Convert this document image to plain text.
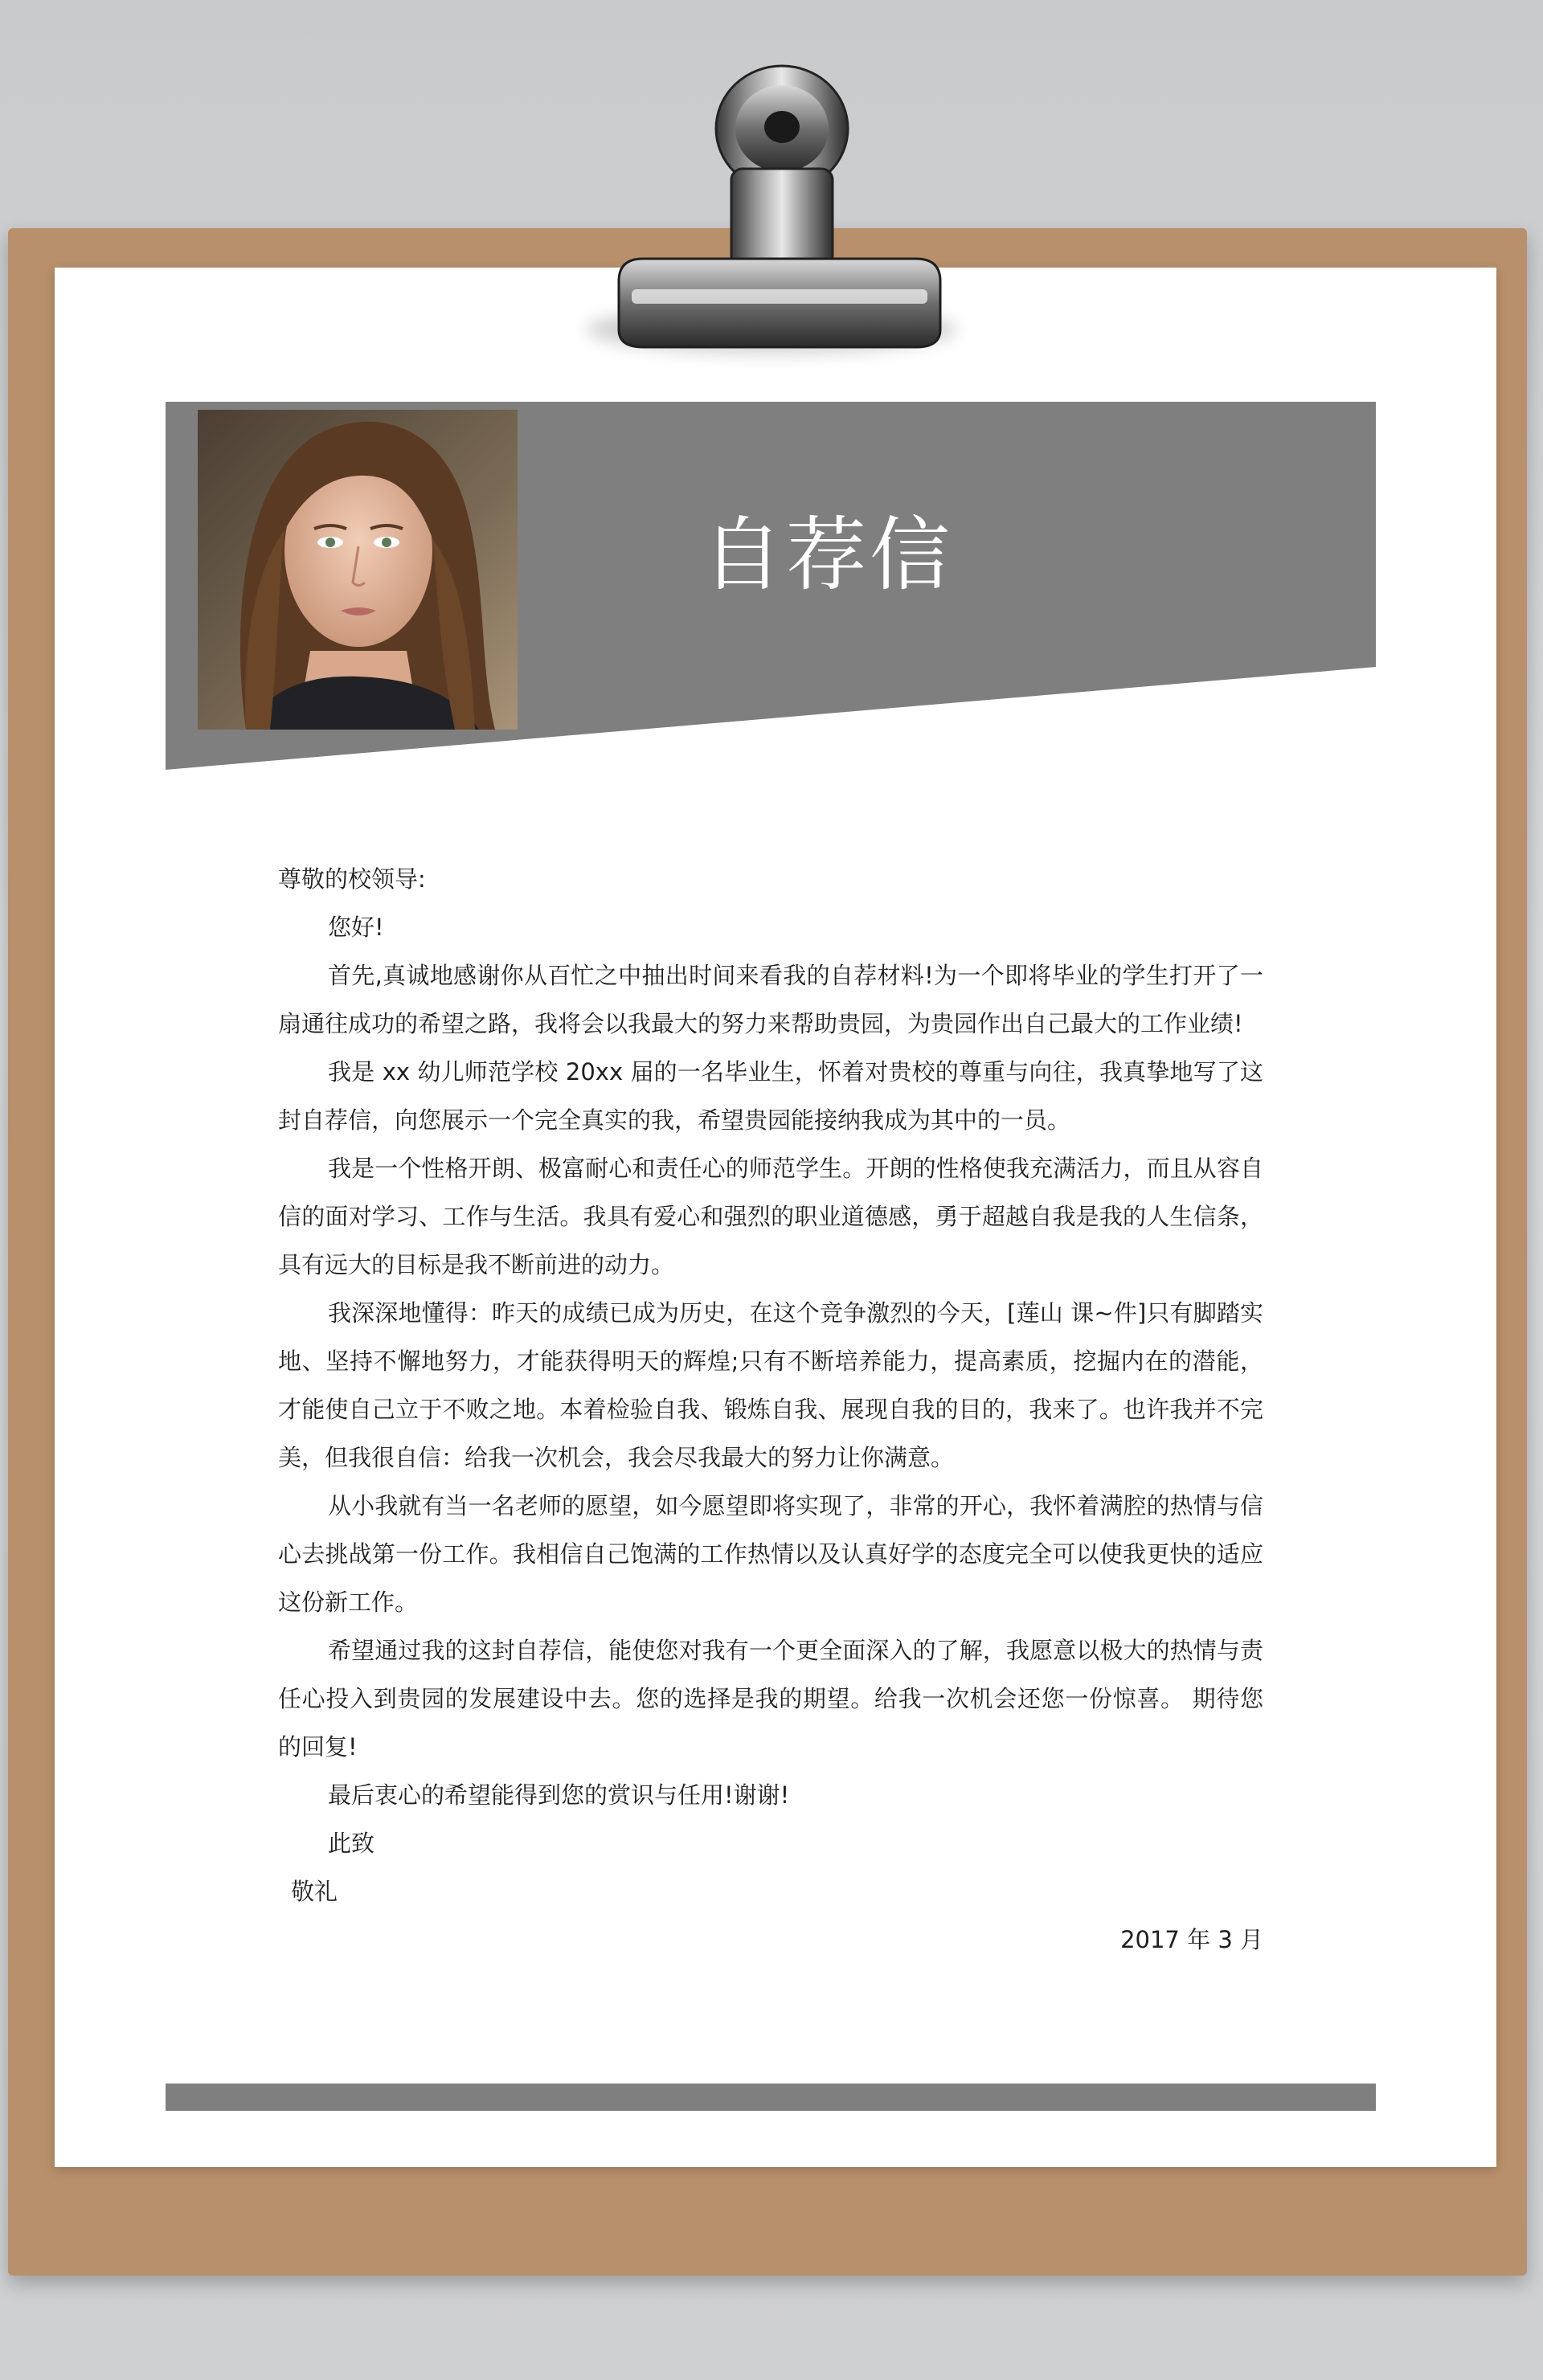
自荐信

尊敬的校领导:

您好!

首先,真诚地感谢你从百忙之中抽出时间来看我的自荐材料!为一个即将毕业的学生打开了一扇通往成功的希望之路，我将会以我最大的努力来帮助贵园，为贵园作出自己最大的工作业绩!

我是 xx 幼儿师范学校 20xx 届的一名毕业生，怀着对贵校的尊重与向往，我真挚地写了这封自荐信，向您展示一个完全真实的我，希望贵园能接纳我成为其中的一员。

我是一个性格开朗、极富耐心和责任心的师范学生。开朗的性格使我充满活力，而且从容自信的面对学习、工作与生活。我具有爱心和强烈的职业道德感，勇于超越自我是我的人生信条，具有远大的目标是我不断前进的动力。

我深深地懂得：昨天的成绩已成为历史，在这个竞争激烈的今天，[莲山 课~件]只有脚踏实地、坚持不懈地努力，才能获得明天的辉煌;只有不断培养能力，提高素质，挖掘内在的潜能，才能使自己立于不败之地。本着检验自我、锻炼自我、展现自我的目的，我来了。也许我并不完美，但我很自信：给我一次机会，我会尽我最大的努力让你满意。

从小我就有当一名老师的愿望，如今愿望即将实现了，非常的开心，我怀着满腔的热情与信心去挑战第一份工作。我相信自己饱满的工作热情以及认真好学的态度完全可以使我更快的适应这份新工作。

希望通过我的这封自荐信，能使您对我有一个更全面深入的了解，我愿意以极大的热情与责任心投入到贵园的发展建设中去。您的选择是我的期望。给我一次机会还您一份惊喜。 期待您的回复!

最后衷心的希望能得到您的赏识与任用!谢谢!

此致

敬礼

2017 年 3 月
